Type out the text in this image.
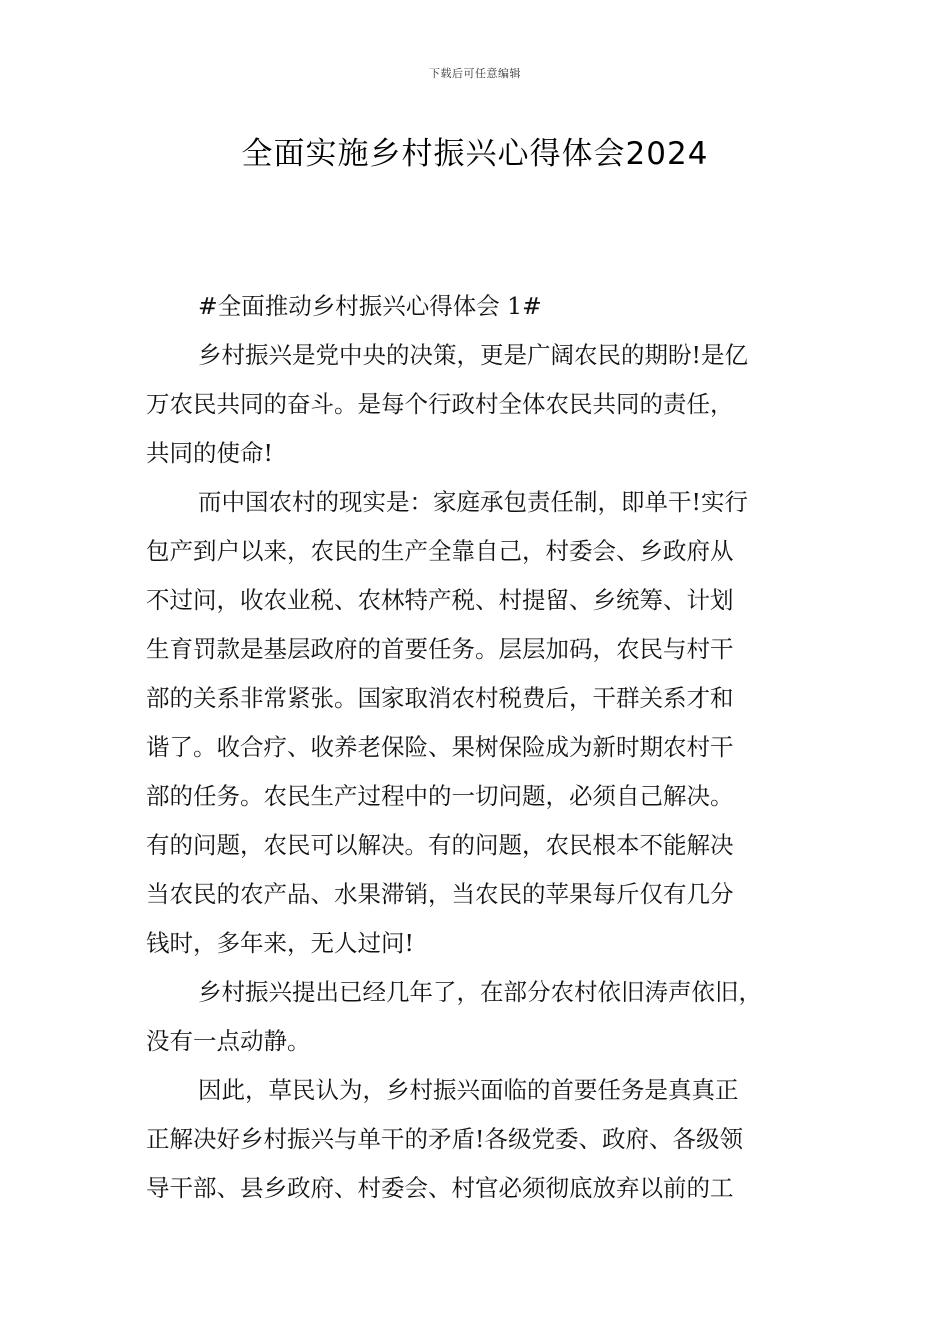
下载后可任意编辑
全面实施乡村振兴心得体会2024

#全面推动乡村振兴心得体会 1#

乡村振兴是党中央的决策，更是广阔农民的期盼!是亿

万农民共同的奋斗。是每个行政村全体农民共同的责任，

共同的使命!

而中国农村的现实是：家庭承包责任制，即单干!实行

包产到户以来，农民的生产全靠自己，村委会、乡政府从

不过问，收农业税、农林特产税、村提留、乡统筹、计划

生育罚款是基层政府的首要任务。层层加码，农民与村干

部的关系非常紧张。国家取消农村税费后，干群关系才和

谐了。收合疗、收养老保险、果树保险成为新时期农村干

部的任务。农民生产过程中的一切问题，必须自己解决。

有的问题，农民可以解决。有的问题，农民根本不能解决

当农民的农产品、水果滞销，当农民的苹果每斤仅有几分

钱时，多年来，无人过问!

乡村振兴提出已经几年了，在部分农村依旧涛声依旧，

没有一点动静。

因此，草民认为，乡村振兴面临的首要任务是真真正

正解决好乡村振兴与单干的矛盾!各级党委、政府、各级领

导干部、县乡政府、村委会、村官必须彻底放弃以前的工
